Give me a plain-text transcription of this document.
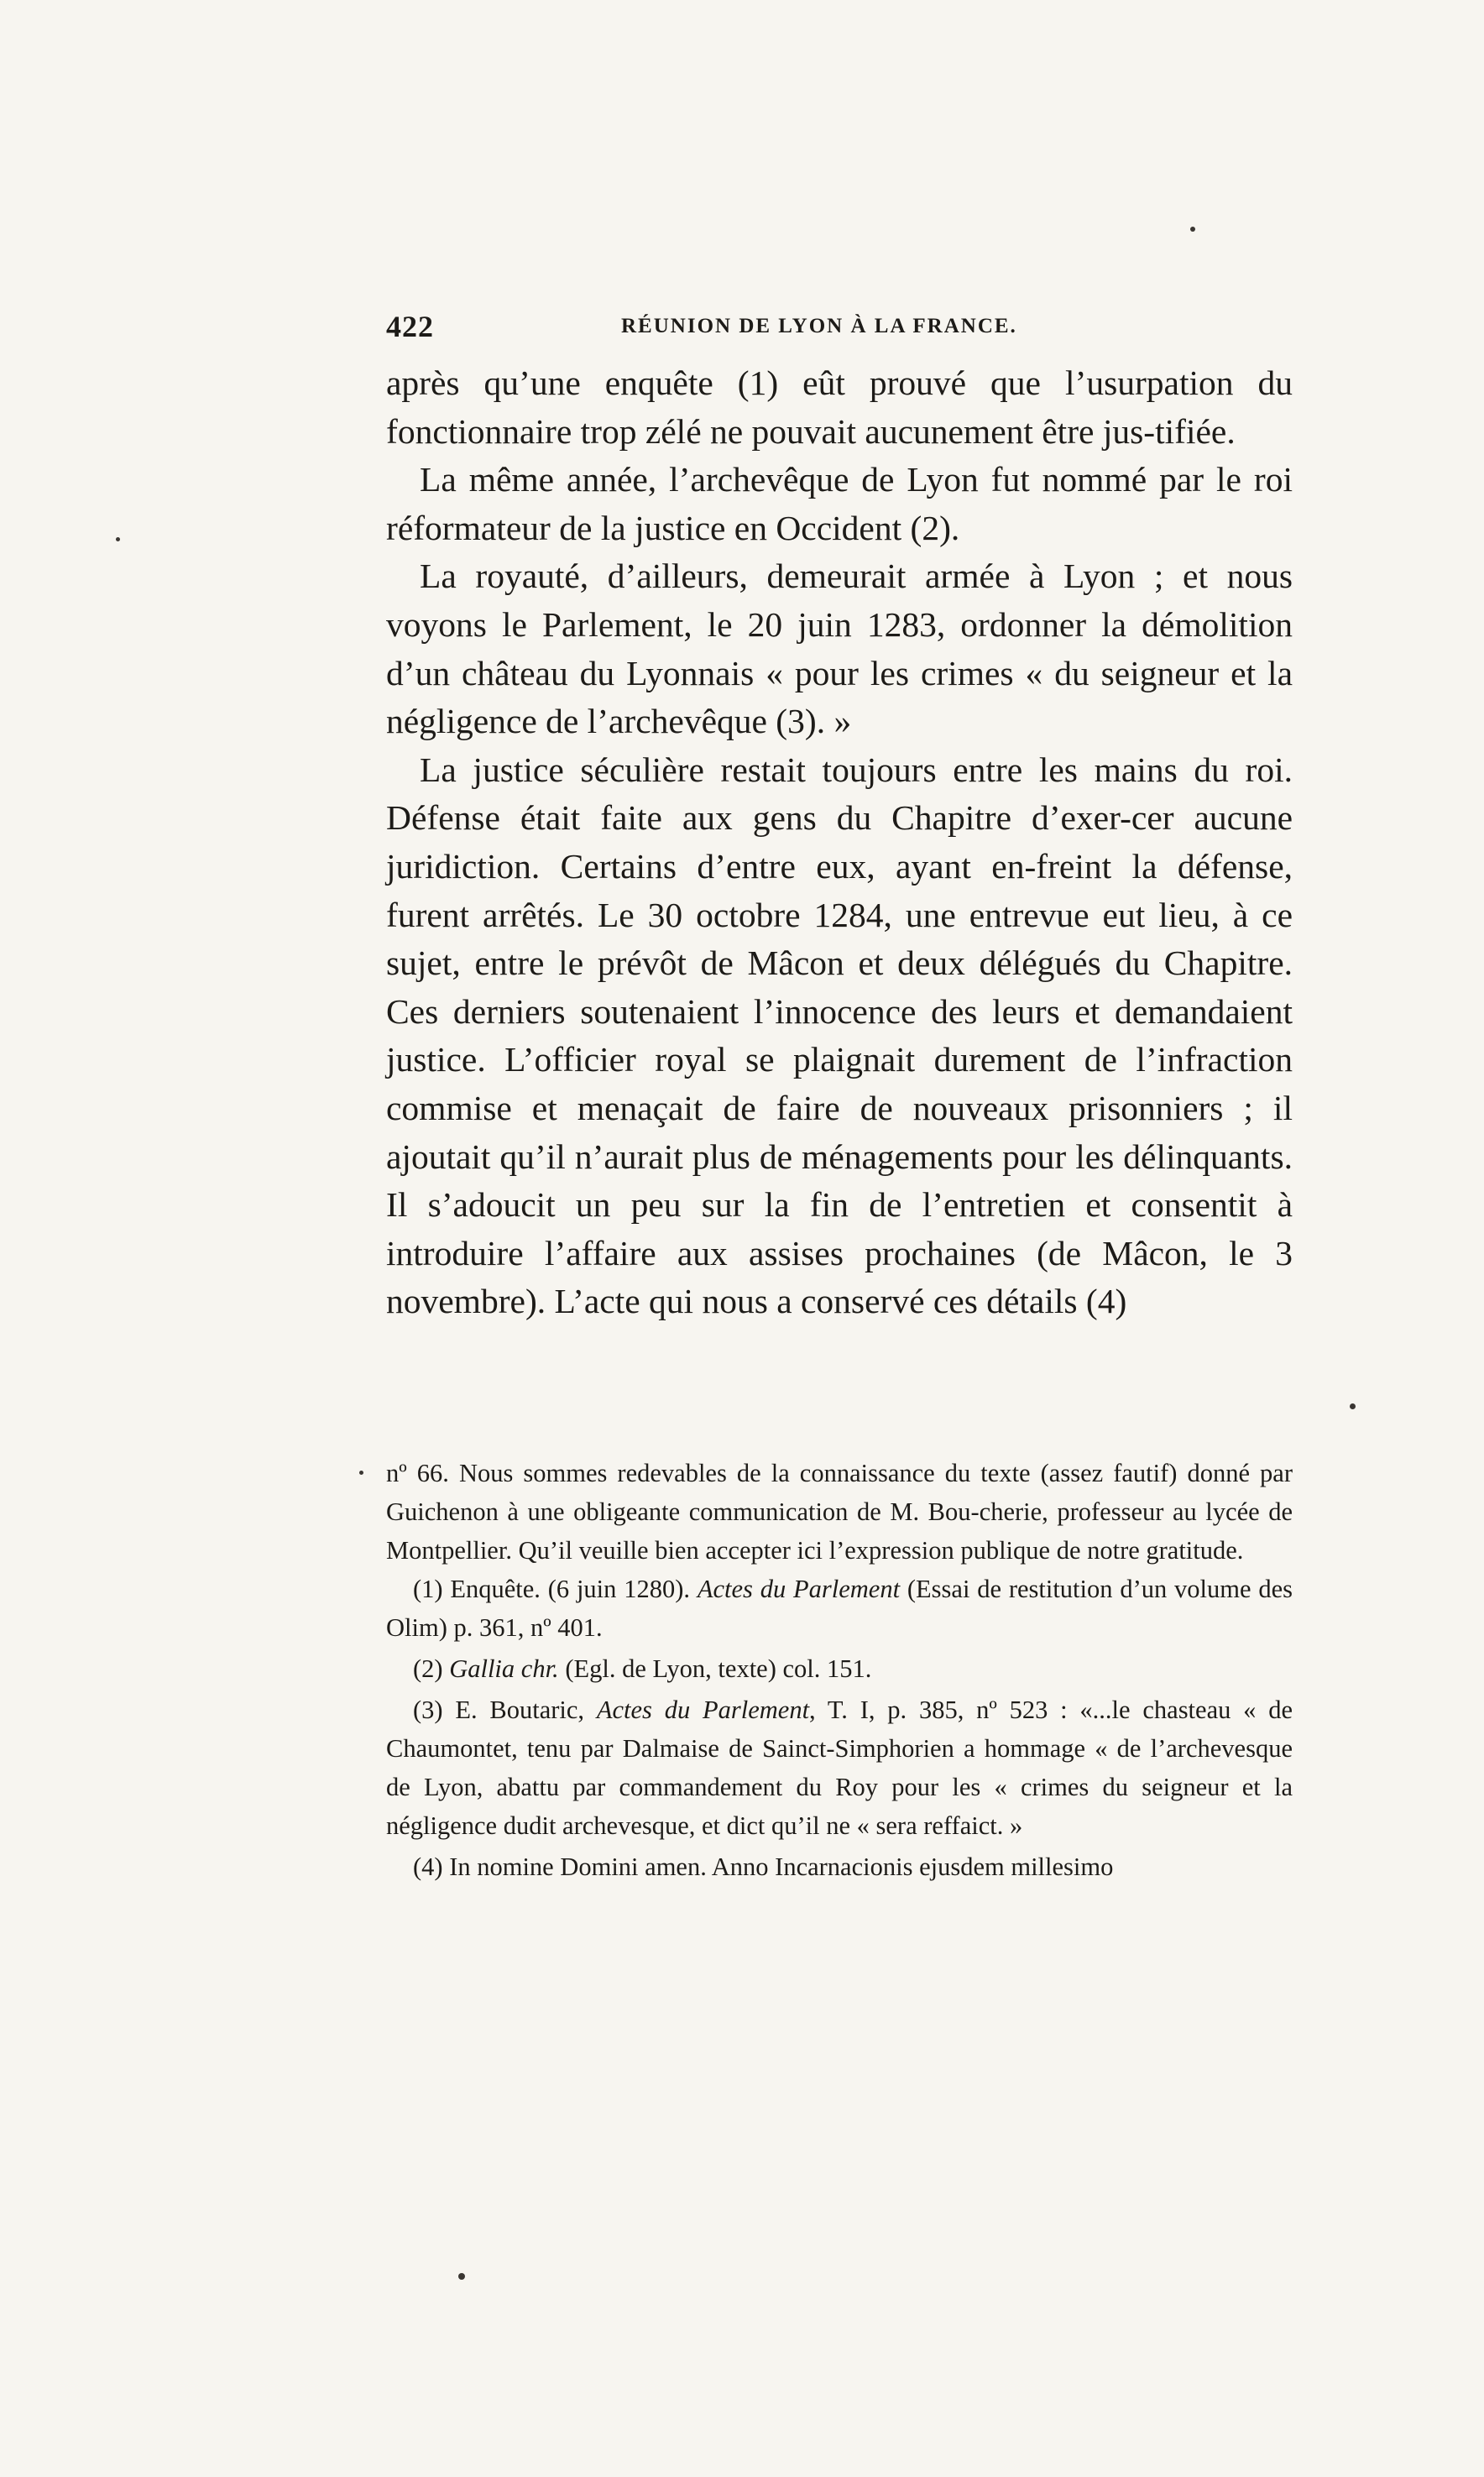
422	RÉUNION DE LYON À LA FRANCE.

après qu’une enquête (1) eût prouvé que l’usurpation du fonctionnaire trop zélé ne pouvait aucunement être jus-tifiée.

La même année, l’archevêque de Lyon fut nommé par le roi réformateur de la justice en Occident (2).

La royauté, d’ailleurs, demeurait armée à Lyon ; et nous voyons le Parlement, le 20 juin 1283, ordonner la démolition d’un château du Lyonnais « pour les crimes « du seigneur et la négligence de l’archevêque (3). »

La justice séculière restait toujours entre les mains du roi. Défense était faite aux gens du Chapitre d’exer-cer aucune juridiction. Certains d’entre eux, ayant en-freint la défense, furent arrêtés. Le 30 octobre 1284, une entrevue eut lieu, à ce sujet, entre le prévôt de Mâcon et deux délégués du Chapitre. Ces derniers soutenaient l’innocence des leurs et demandaient justice. L’officier royal se plaignait durement de l’infraction commise et menaçait de faire de nouveaux prisonniers ; il ajoutait qu’il n’aurait plus de ménagements pour les délinquants. Il s’adoucit un peu sur la fin de l’entretien et consentit à introduire l’affaire aux assises prochaines (de Mâcon, le 3 novembre). L’acte qui nous a conservé ces détails (4)

nº 66. Nous sommes redevables de la connaissance du texte (assez fautif) donné par Guichenon à une obligeante communication de M. Bou-cherie, professeur au lycée de Montpellier. Qu’il veuille bien accepter ici l’expression publique de notre gratitude.

(1) Enquête. (6 juin 1280). Actes du Parlement (Essai de restitution d’un volume des Olim) p. 361, nº 401.

(2) Gallia chr. (Egl. de Lyon, texte) col. 151.

(3) E. Boutaric, Actes du Parlement, T. I, p. 385, nº 523 : «...le chasteau « de Chaumontet, tenu par Dalmaise de Sainct-Simphorien a hommage « de l’archevesque de Lyon, abattu par commandement du Roy pour les « crimes du seigneur et la négligence dudit archevesque, et dict qu’il ne « sera reffaict. »

(4) In nomine Domini amen. Anno Incarnacionis ejusdem millesimo
